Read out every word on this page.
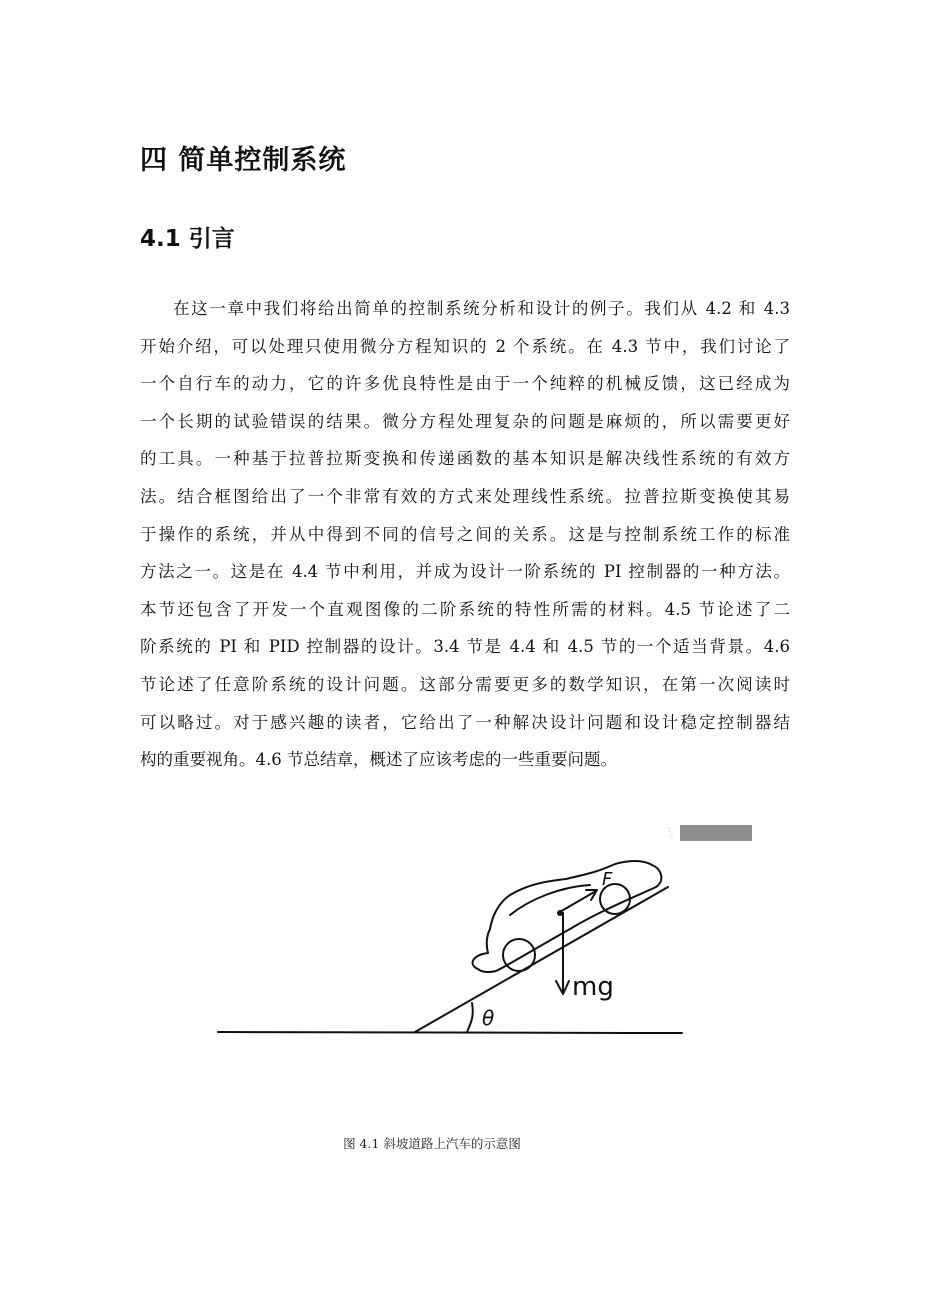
四 简单控制系统
4.1 引言
在这一章中我们将给出简单的控制系统分析和设计的例子。我们从 4.2 和 4.3
开始介绍，可以处理只使用微分方程知识的 2 个系统。在 4.3 节中，我们讨论了
一个自行车的动力，它的许多优良特性是由于一个纯粹的机械反馈，这已经成为
一个长期的试验错误的结果。微分方程处理复杂的问题是麻烦的，所以需要更好
的工具。一种基于拉普拉斯变换和传递函数的基本知识是解决线性系统的有效方
法。结合框图给出了一个非常有效的方式来处理线性系统。拉普拉斯变换使其易
于操作的系统，并从中得到不同的信号之间的关系。这是与控制系统工作的标准
方法之一。这是在 4.4 节中利用，并成为设计一阶系统的 PI 控制器的一种方法。
本节还包含了开发一个直观图像的二阶系统的特性所需的材料。4.5 节论述了二
阶系统的 PI 和 PID 控制器的设计。3.4 节是 4.4 和 4.5 节的一个适当背景。4.6
节论述了任意阶系统的设计问题。这部分需要更多的数学知识，在第一次阅读时
可以略过。对于感兴趣的读者，它给出了一种解决设计问题和设计稳定控制器结
构的重要视角。4.6 节总结章，概述了应该考虑的一些重要问题。
:·
·:
F
mg
θ
图 4.1 斜坡道路上汽车的示意图
